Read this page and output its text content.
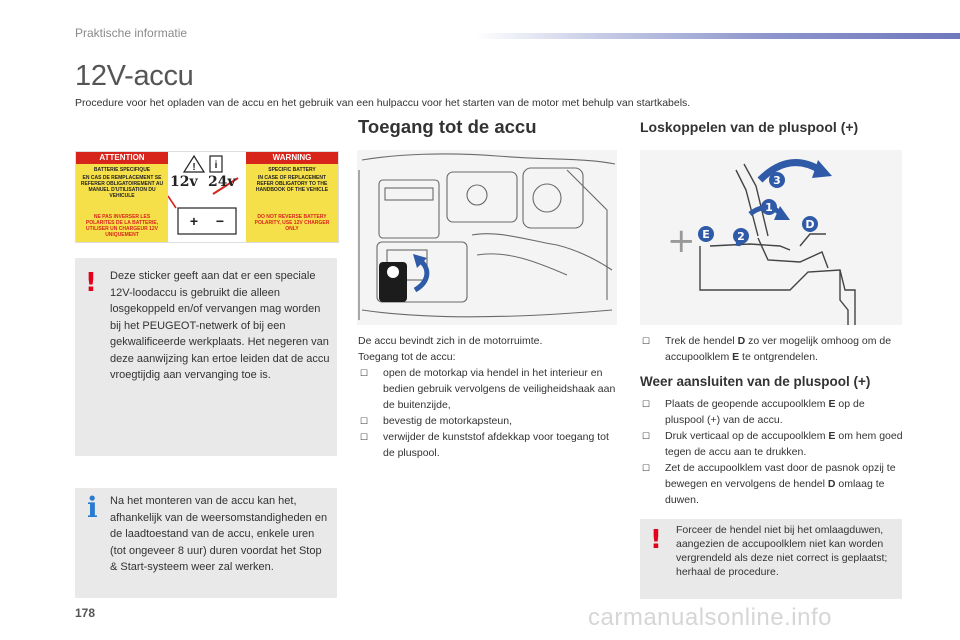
Praktische informatie
12V-accu
Procedure voor het opladen van de accu en het gebruik van een hulpaccu voor het starten van de motor met behulp van startkabels.
ATTENTION	WARNING
BATTERIE SPECIFIQUE
EN CAS DE REMPLACEMENT SE REFERER OBLIGATOIREMENT AU MANUEL D'UTILISATION DU VEHICULE
NE PAS INVERSER LES POLARITES DE LA BATTERIE, UTILISER UN CHARGEUR 12V UNIQUEMENT
SPECIFIC BATTERY
IN CASE OF REPLACEMENT REFER OBLIGATORY TO THE HANDBOOK OF THE VEHICLE
DO NOT REVERSE BATTERY POLARITY, USE 12V CHARGER ONLY
! i
+ −
12v 24v
! Deze sticker geeft aan dat er een speciale 12V-loodaccu is gebruikt die alleen losgekoppeld en/of vervangen mag worden bij het PEUGEOT-netwerk of bij een gekwalificeerde werkplaats. Het negeren van deze aanwijzing kan ertoe leiden dat de accu vroegtijdig aan vervanging toe is.
i Na het monteren van de accu kan het, afhankelijk van de weersomstandigheden en de laadtoestand van de accu, enkele uren (tot ongeveer 8 uur) duren voordat het Stop & Start-systeem weer zal werken.
Toegang tot de accu
De accu bevindt zich in de motorruimte.
Toegang tot de accu:
☐ open de motorkap via hendel in het interieur en bedien gebruik vervolgens de veiligheidshaak aan de buitenzijde,
☐ bevestig de motorkapsteun,
☐ verwijder de kunststof afdekkap voor toegang tot de pluspool.
Loskoppelen van de pluspool (+)
+
3
1
2
E
D
☐ Trek de hendel D zo ver mogelijk omhoog om de accupoolklem E te ontgrendelen.
Weer aansluiten van de pluspool (+)
☐ Plaats de geopende accupoolklem E op de pluspool (+) van de accu.
☐ Druk verticaal op de accupoolklem E om hem goed tegen de accu aan te drukken.
☐ Zet de accupoolklem vast door de pasnok opzij te bewegen en vervolgens de hendel D omlaag te duwen.
! Forceer de hendel niet bij het omlaagduwen, aangezien de accupoolklem niet kan worden vergrendeld als deze niet correct is geplaatst; herhaal de procedure.
178	carmanualsonline.info
